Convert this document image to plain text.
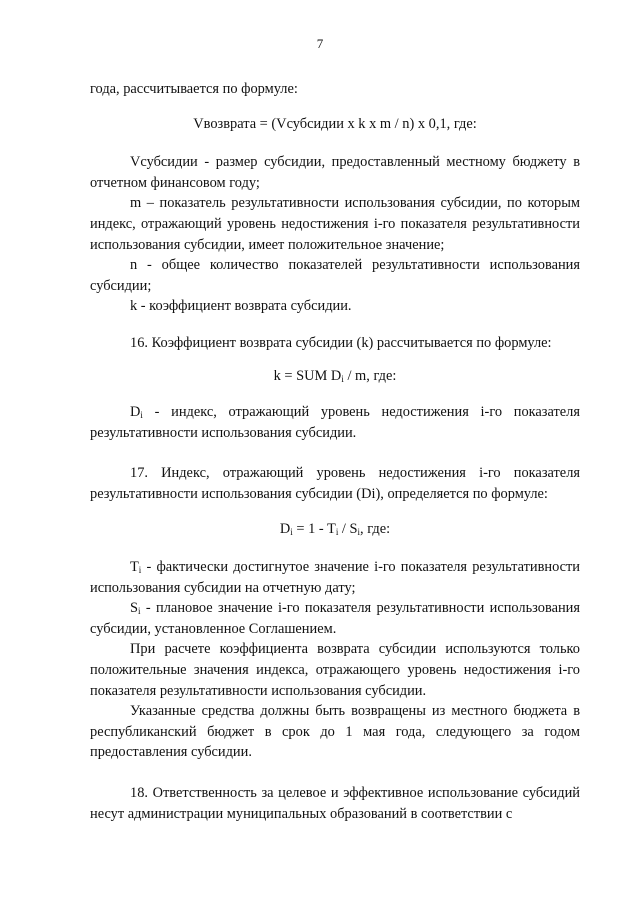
7

года, рассчитывается по формуле:

Vвозврата = (Vсубсидии x k x m / n) x 0,1, где:

Vсубсидии - размер субсидии, предоставленный местному бюджету в отчетном финансовом году;

m – показатель результативности использования субсидии, по которым индекс, отражающий уровень недостижения i-го показателя результативности использования субсидии, имеет положительное значение;

n - общее количество показателей результативности использования субсидии;

k - коэффициент возврата субсидии.

16. Коэффициент возврата субсидии (k) рассчитывается по формуле:

k = SUM $D_i$ / m, где:

$D_i$ - индекс, отражающий уровень недостижения i-го показателя результативности использования субсидии.

17. Индекс, отражающий уровень недостижения i-го показателя результативности использования субсидии (Di), определяется по формуле:

$D_i = 1 - T_i / S_i$, где:

$T_i$ - фактически достигнутое значение i-го показателя результативности использования субсидии на отчетную дату;

$S_i$ - плановое значение i-го показателя результативности использования субсидии, установленное Соглашением.

При расчете коэффициента возврата субсидии используются только положительные значения индекса, отражающего уровень недостижения i-го показателя результативности использования субсидии.

Указанные средства должны быть возвращены из местного бюджета в республиканский бюджет в срок до 1 мая года, следующего за годом предоставления субсидии.

18. Ответственность за целевое и эффективное использование субсидий несут администрации муниципальных образований в соответствии с
